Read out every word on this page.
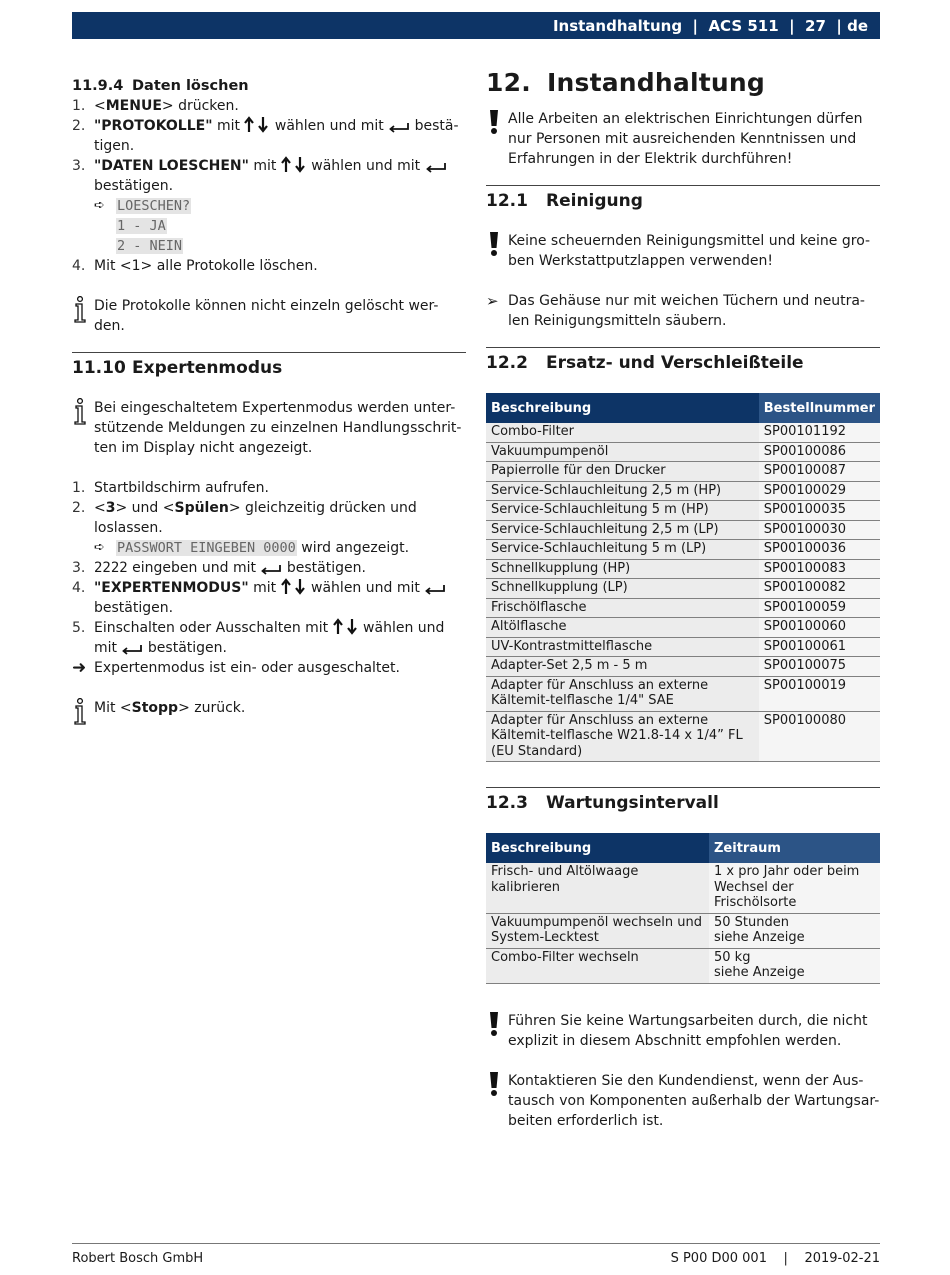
Instandhaltung | ACS 511 | 27 | de
11.9.4 Daten löschen
1. <MENUE> drücken.
2. "PROTOKOLLE" mit  wählen und mit  bestä-tigen.
3. "DATEN LOESCHEN" mit  wählen und mit
bestätigen.
➪ LOESCHEN?
1 - JA
2 - NEIN
4. Mit <1> alle Protokolle löschen.
Die Protokolle können nicht einzeln gelöscht wer-den.
11.10 Expertenmodus
Bei eingeschaltetem Expertenmodus werden unter-stützende Meldungen zu einzelnen Handlungsschrit-ten im Display nicht angezeigt.
1. Startbildschirm aufrufen.
2. <3> und <Spülen> gleichzeitig drücken und loslassen.
➪ PASSWORT EINGEBEN 0000 wird angezeigt.
3. 2222 eingeben und mit  bestätigen.
4. "EXPERTENMODUS" mit  wählen und mit
bestätigen.
5. Einschalten oder Ausschalten mit  wählen und mit  bestätigen.
➜ Expertenmodus ist ein- oder ausgeschaltet.
Mit <Stopp> zurück.
12. Instandhaltung
Alle Arbeiten an elektrischen Einrichtungen dürfen nur Personen mit ausreichenden Kenntnissen und Erfahrungen in der Elektrik durchführen!
12.1 Reinigung
Keine scheuernden Reinigungsmittel und keine gro-ben Werkstattputzlappen verwenden!
➢ Das Gehäuse nur mit weichen Tüchern und neutra-len Reinigungsmitteln säubern.
12.2 Ersatz- und Verschleißteile
Beschreibung	Bestellnummer
Combo-Filter	SP00101192
Vakuumpumpenöl	SP00100086
Papierrolle für den Drucker	SP00100087
Service-Schlauchleitung 2,5 m (HP)	SP00100029
Service-Schlauchleitung 5 m (HP)	SP00100035
Service-Schlauchleitung 2,5 m (LP)	SP00100030
Service-Schlauchleitung 5 m (LP)	SP00100036
Schnellkupplung (HP)	SP00100083
Schnellkupplung (LP)	SP00100082
Frischölflasche	SP00100059
Altölflasche	SP00100060
UV-Kontrastmittelflasche	SP00100061
Adapter-Set 2,5 m - 5 m	SP00100075
Adapter für Anschluss an externe Kältemit-telflasche 1/4" SAE	SP00100019
Adapter für Anschluss an externe Kältemit-telflasche W21.8-14 x 1/4” FL (EU Standard)	SP00100080
12.3 Wartungsintervall
Beschreibung	Zeitraum
Frisch- und Altölwaage kalibrieren	1 x pro Jahr oder beim Wechsel der Frischölsorte
Vakuumpumpenöl wechseln und System-Lecktest	50 Stunden
siehe Anzeige
Combo-Filter wechseln	50 kg
siehe Anzeige
Führen Sie keine Wartungsarbeiten durch, die nicht explizit in diesem Abschnitt empfohlen werden.
Kontaktieren Sie den Kundendienst, wenn der Aus-tausch von Komponenten außerhalb der Wartungsar-beiten erforderlich ist.
Robert Bosch GmbH	S P00 D00 001    |    2019-02-21
